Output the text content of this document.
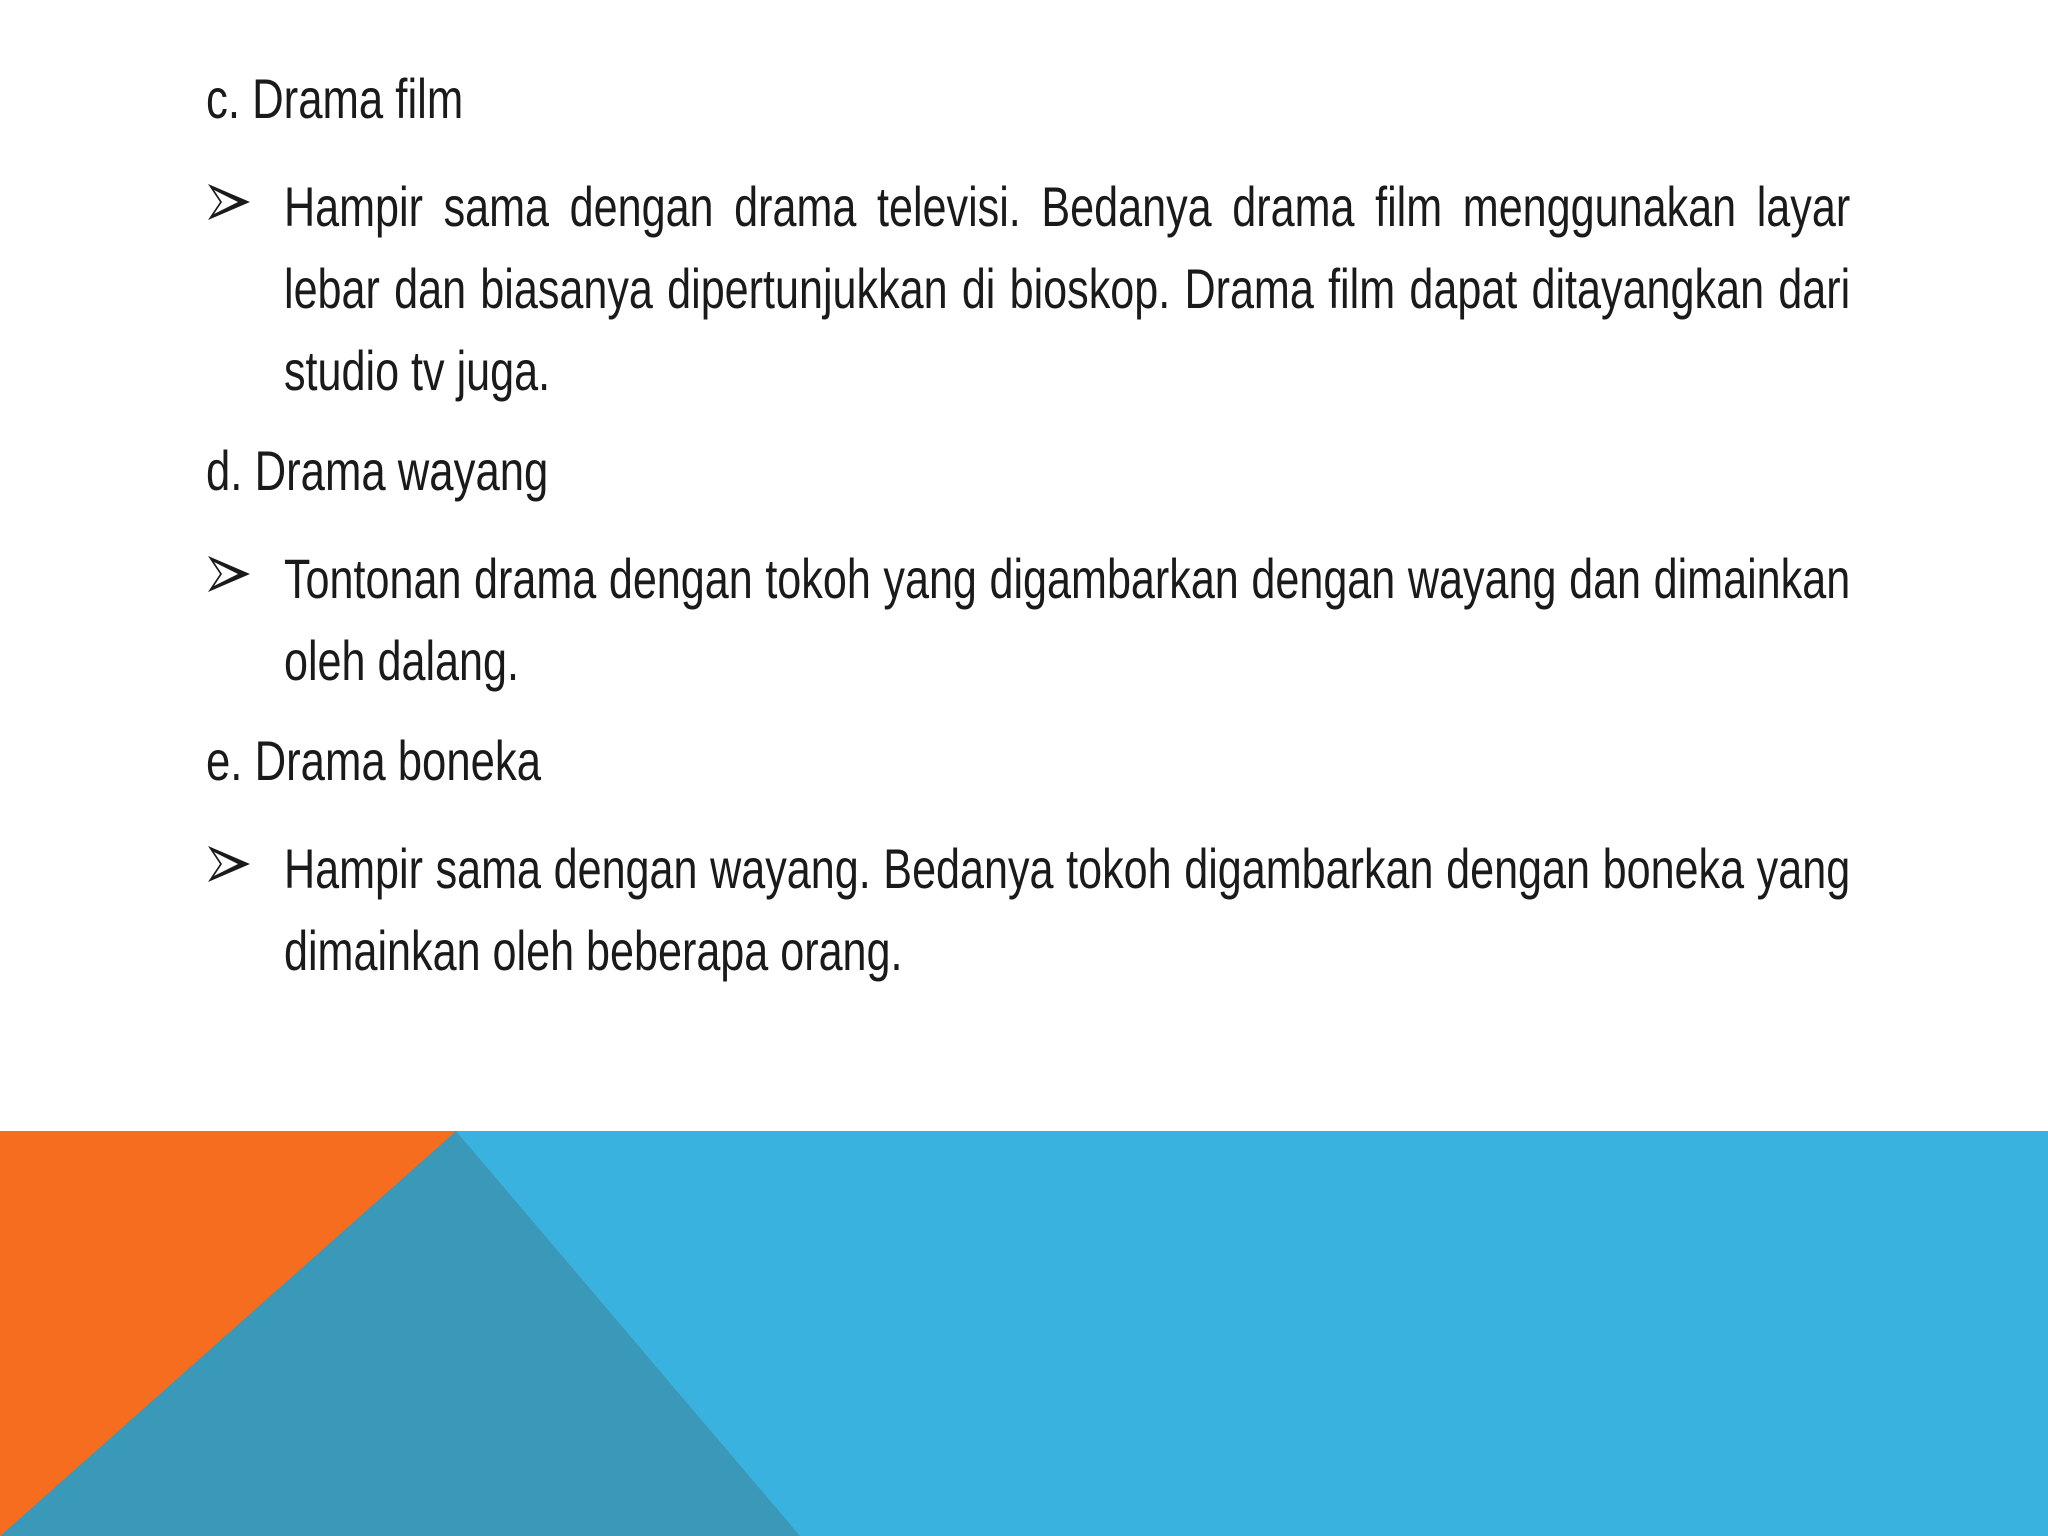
c. Drama film
Hampir sama dengan drama televisi. Bedanya drama film menggunakan layar lebar dan biasanya dipertunjukkan di bioskop. Drama film dapat ditayangkan dari studio tv juga.
d. Drama wayang
Tontonan drama dengan tokoh yang digambarkan dengan wayang dan dimainkan oleh dalang.
e. Drama boneka
Hampir sama dengan wayang. Bedanya tokoh digambarkan dengan boneka yang dimainkan oleh beberapa orang.
